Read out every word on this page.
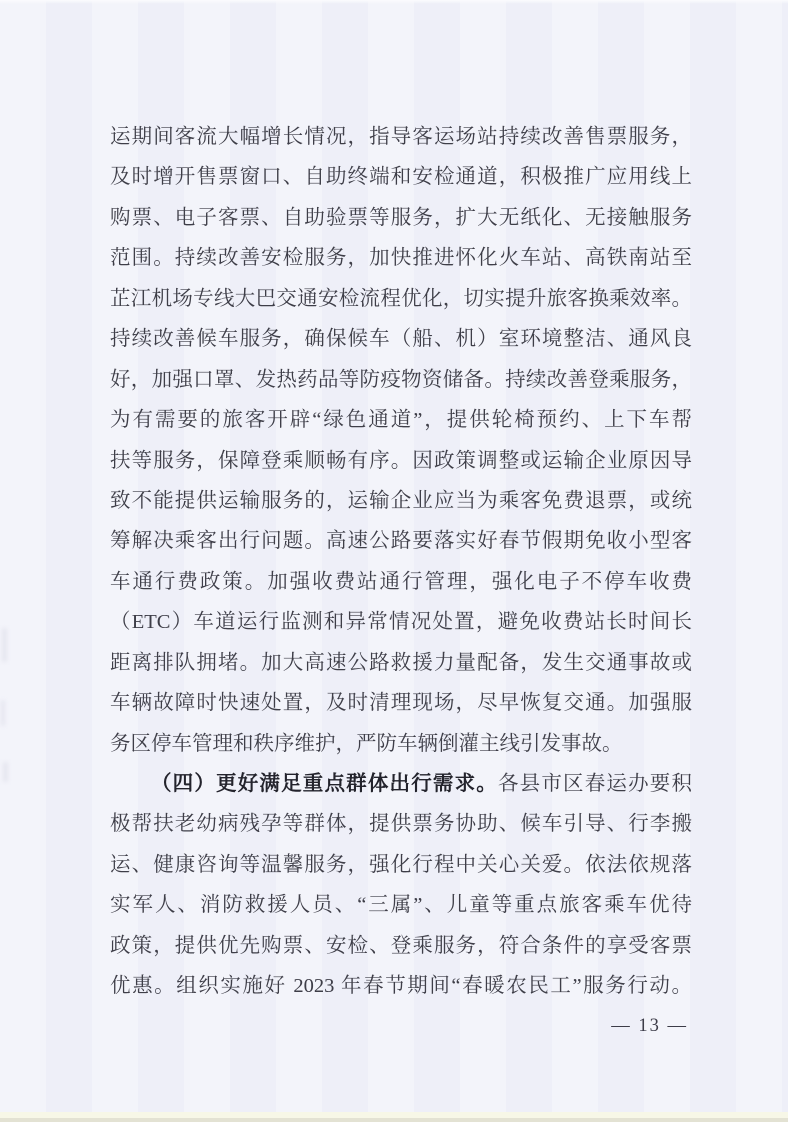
运期间客流大幅增长情况，指导客运场站持续改善售票服务，
及时增开售票窗口、自助终端和安检通道，积极推广应用线上
购票、电子客票、自助验票等服务，扩大无纸化、无接触服务
范围。持续改善安检服务，加快推进怀化火车站、高铁南站至
芷江机场专线大巴交通安检流程优化，切实提升旅客换乘效率。
持续改善候车服务，确保候车（船、机）室环境整洁、通风良
好，加强口罩、发热药品等防疫物资储备。持续改善登乘服务，
为有需要的旅客开辟“绿色通道”，提供轮椅预约、上下车帮
扶等服务，保障登乘顺畅有序。因政策调整或运输企业原因导
致不能提供运输服务的，运输企业应当为乘客免费退票，或统
筹解决乘客出行问题。高速公路要落实好春节假期免收小型客
车通行费政策。加强收费站通行管理，强化电子不停车收费
（ETC）车道运行监测和异常情况处置，避免收费站长时间长
距离排队拥堵。加大高速公路救援力量配备，发生交通事故或
车辆故障时快速处置，及时清理现场，尽早恢复交通。加强服
务区停车管理和秩序维护，严防车辆倒灌主线引发事故。
（四）更好满足重点群体出行需求。各县市区春运办要积
极帮扶老幼病残孕等群体，提供票务协助、候车引导、行李搬
运、健康咨询等温馨服务，强化行程中关心关爱。依法依规落
实军人、消防救援人员、“三属”、儿童等重点旅客乘车优待
政策，提供优先购票、安检、登乘服务，符合条件的享受客票
优惠。组织实施好 2023 年春节期间“春暖农民工”服务行动。
— 13 —
